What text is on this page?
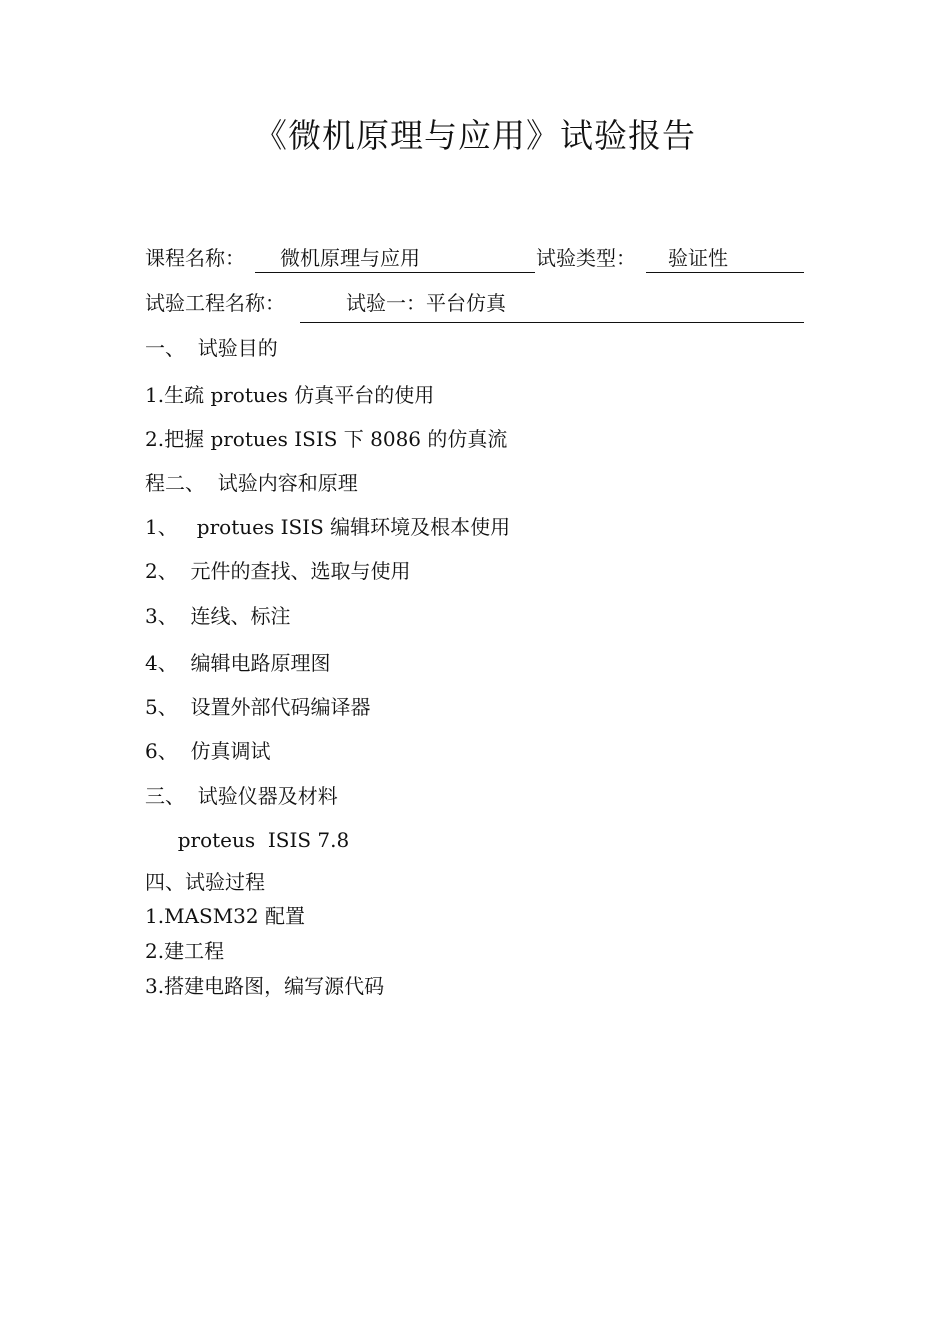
《微机原理与应用》试验报告
课程名称： 微机原理与应用	试验类型： 验证性
试验工程名称：	试验一：平台仿真
一、  试验目的
1.生疏 protues 仿真平台的使用
2.把握 protues ISIS 下 8086 的仿真流
程二、  试验内容和原理
1、   protues ISIS 编辑环境及根本使用
2、  元件的查找、选取与使用
3、  连线、标注
4、  编辑电路原理图
5、  设置外部代码编译器
6、  仿真调试
三、  试验仪器及材料
proteus  ISIS 7.8
四、试验过程
1.MASM32 配置
2.建工程
3.搭建电路图，编写源代码
